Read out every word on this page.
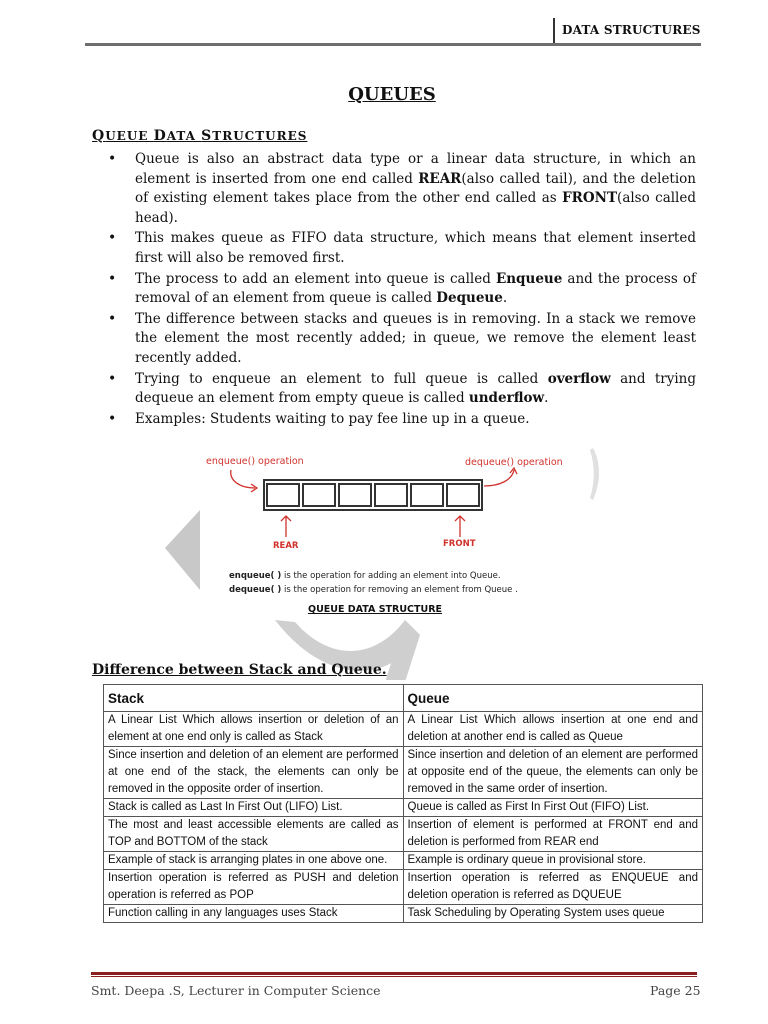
DATA STRUCTURES
QUEUES
QUEUE DATA STRUCTURES
enqueue() operation	dequeue() operation
REAR	FRONT
enqueue( ) is the operation for adding an element into Queue.
dequeue( ) is the operation for removing an element from Queue .
QUEUE DATA STRUCTURE
• Queue is also an abstract data type or a linear data structure, in which an element is inserted from one end called REAR(also called tail), and the deletion of existing element takes place from the other end called as FRONT(also called head).
• This makes queue as FIFO data structure, which means that element inserted first will also be removed first.
• The process to add an element into queue is called Enqueue and the process of removal of an element from queue is called Dequeue.
• The difference between stacks and queues is in removing. In a stack we remove the element the most recently added; in queue, we remove the element least recently added.
• Trying to enqueue an element to full queue is called overflow and trying dequeue an element from empty queue is called underflow.
• Examples: Students waiting to pay fee line up in a queue.
Difference between Stack and Queue.
Stack	Queue
A Linear List Which allows insertion or deletion of an element at one end only is called as Stack	A Linear List Which allows insertion at one end and deletion at another end is called as Queue
Since insertion and deletion of an element are performed at one end of the stack, the elements can only be removed in the opposite order of insertion.	Since insertion and deletion of an element are performed at opposite end of the queue, the elements can only be removed in the same order of insertion.
Stack is called as Last In First Out (LIFO) List.	Queue is called as First In First Out (FIFO) List.
The most and least accessible elements are called as TOP and BOTTOM of the stack	Insertion of element is performed at FRONT end and deletion is performed from REAR end
Example of stack is arranging plates in one above one.	Example is ordinary queue in provisional store.
Insertion operation is referred as PUSH and deletion operation is referred as POP	Insertion operation is referred as ENQUEUE and deletion operation is referred as DQUEUE
Function calling in any languages uses Stack	Task Scheduling by Operating System uses queue
Smt. Deepa .S, Lecturer in Computer Science	Page 25
